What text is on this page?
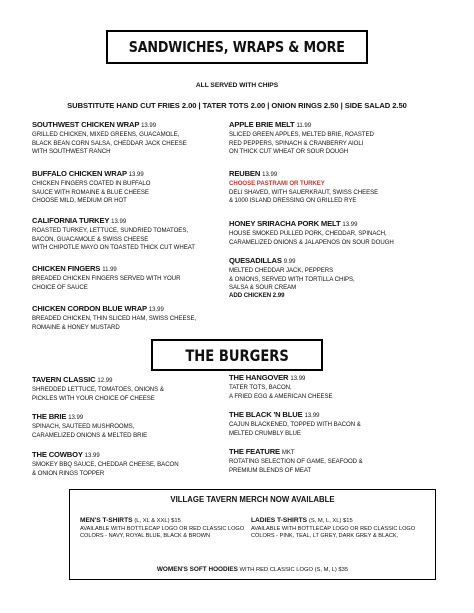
SANDWICHES, WRAPS & MORE
ALL SERVED WITH CHIPS
SUBSTITUTE HAND CUT FRIES 2.00 | TATER TOTS 2.00 | ONION RINGS 2.50 | SIDE SALAD 2.50
SOUTHWEST CHICKEN WRAP 13.99
GRILLED CHICKEN, MIXED GREENS, GUACAMOLE,
BLACK BEAN CORN SALSA, CHEDDAR JACK CHEESE
WITH SOUTHWEST RANCH
BUFFALO CHICKEN WRAP 13.99
CHICKEN FINGERS COATED IN BUFFALO
SAUCE WITH ROMAINE & BLUE CHEESE
CHOOSE MILD, MEDIUM OR HOT
CALIFORNIA TURKEY 13.99
ROASTED TURKEY, LETTUCE, SUNDRIED TOMATOES,
BACON, GUACAMOLE & SWISS CHEESE
WITH CHIPOTLE MAYO ON TOASTED THICK CUT WHEAT
CHICKEN FINGERS 11.99
BREADED CHICKEN FINGERS SERVED WITH YOUR
CHOICE OF SAUCE
CHICKEN CORDON BLUE WRAP 13.99
BREADED CHICKEN, THIN SLICED HAM, SWISS CHEESE,
ROMAINE & HONEY MUSTARD
APPLE BRIE MELT 11.99
SLICED GREEN APPLES, MELTED BRIE, ROASTED
RED PEPPERS, SPINACH & CRANBERRY AIOLI
ON THICK CUT WHEAT OR SOUR DOUGH
REUBEN 13.99
CHOOSE PASTRAMI OR TURKEY
DELI SHAVED, WITH SAUERKRAUT, SWISS CHEESE
& 1000 ISLAND DRESSING ON GRILLED RYE
HONEY SRIRACHA PORK MELT 13.99
HOUSE SMOKED PULLED PORK, CHEDDAR, SPINACH,
CARAMELIZED ONIONS & JALAPENOS ON SOUR DOUGH
QUESADILLAS 9.99
MELTED CHEDDAR JACK, PEPPERS
& ONIONS, SERVED WITH TORTILLA CHIPS,
SALSA & SOUR CREAM
ADD CHICKEN 2.99
THE BURGERS
TAVERN CLASSIC 12.99
SHREDDED LETTUCE, TOMATOES, ONIONS &
PICKLES WITH YOUR CHOICE OF CHEESE
THE BRIE 13.99
SPINACH, SAUTEED MUSHROOMS,
CARAMELIZED ONIONS & MELTED BRIE
THE COWBOY 13.99
SMOKEY BBQ SAUCE, CHEDDAR CHEESE, BACON
& ONION RINGS TOPPER
THE HANGOVER 13.99
TATER TOTS, BACON,
A FRIED EGG & AMERICAN CHEESE
THE BLACK 'N BLUE 13.99
CAJUN BLACKENED, TOPPED WITH BACON &
MELTED CRUMBLY BLUE
THE FEATURE MKT
ROTATING SELECTION OF GAME, SEAFOOD &
PREMIUM BLENDS OF MEAT
VILLAGE TAVERN MERCH NOW AVAILABLE
MEN'S T-SHIRTS (L, XL & XXL) $15
AVAILABLE WITH BOTTLECAP LOGO OR RED CLASSIC LOGO
COLORS - NAVY, ROYAL BLUE, BLACK & BROWN
LADIES T-SHIRTS (S, M, L, XL) $15
AVAILABLE WITH BOTTLECAP LOGO OR RED CLASSIC LOGO
COLORS - PINK, TEAL, LT GREY, DARK GREY & BLACK,
WOMEN'S SOFT HOODIES WITH RED CLASSIC LOGO (S, M, L) $35
